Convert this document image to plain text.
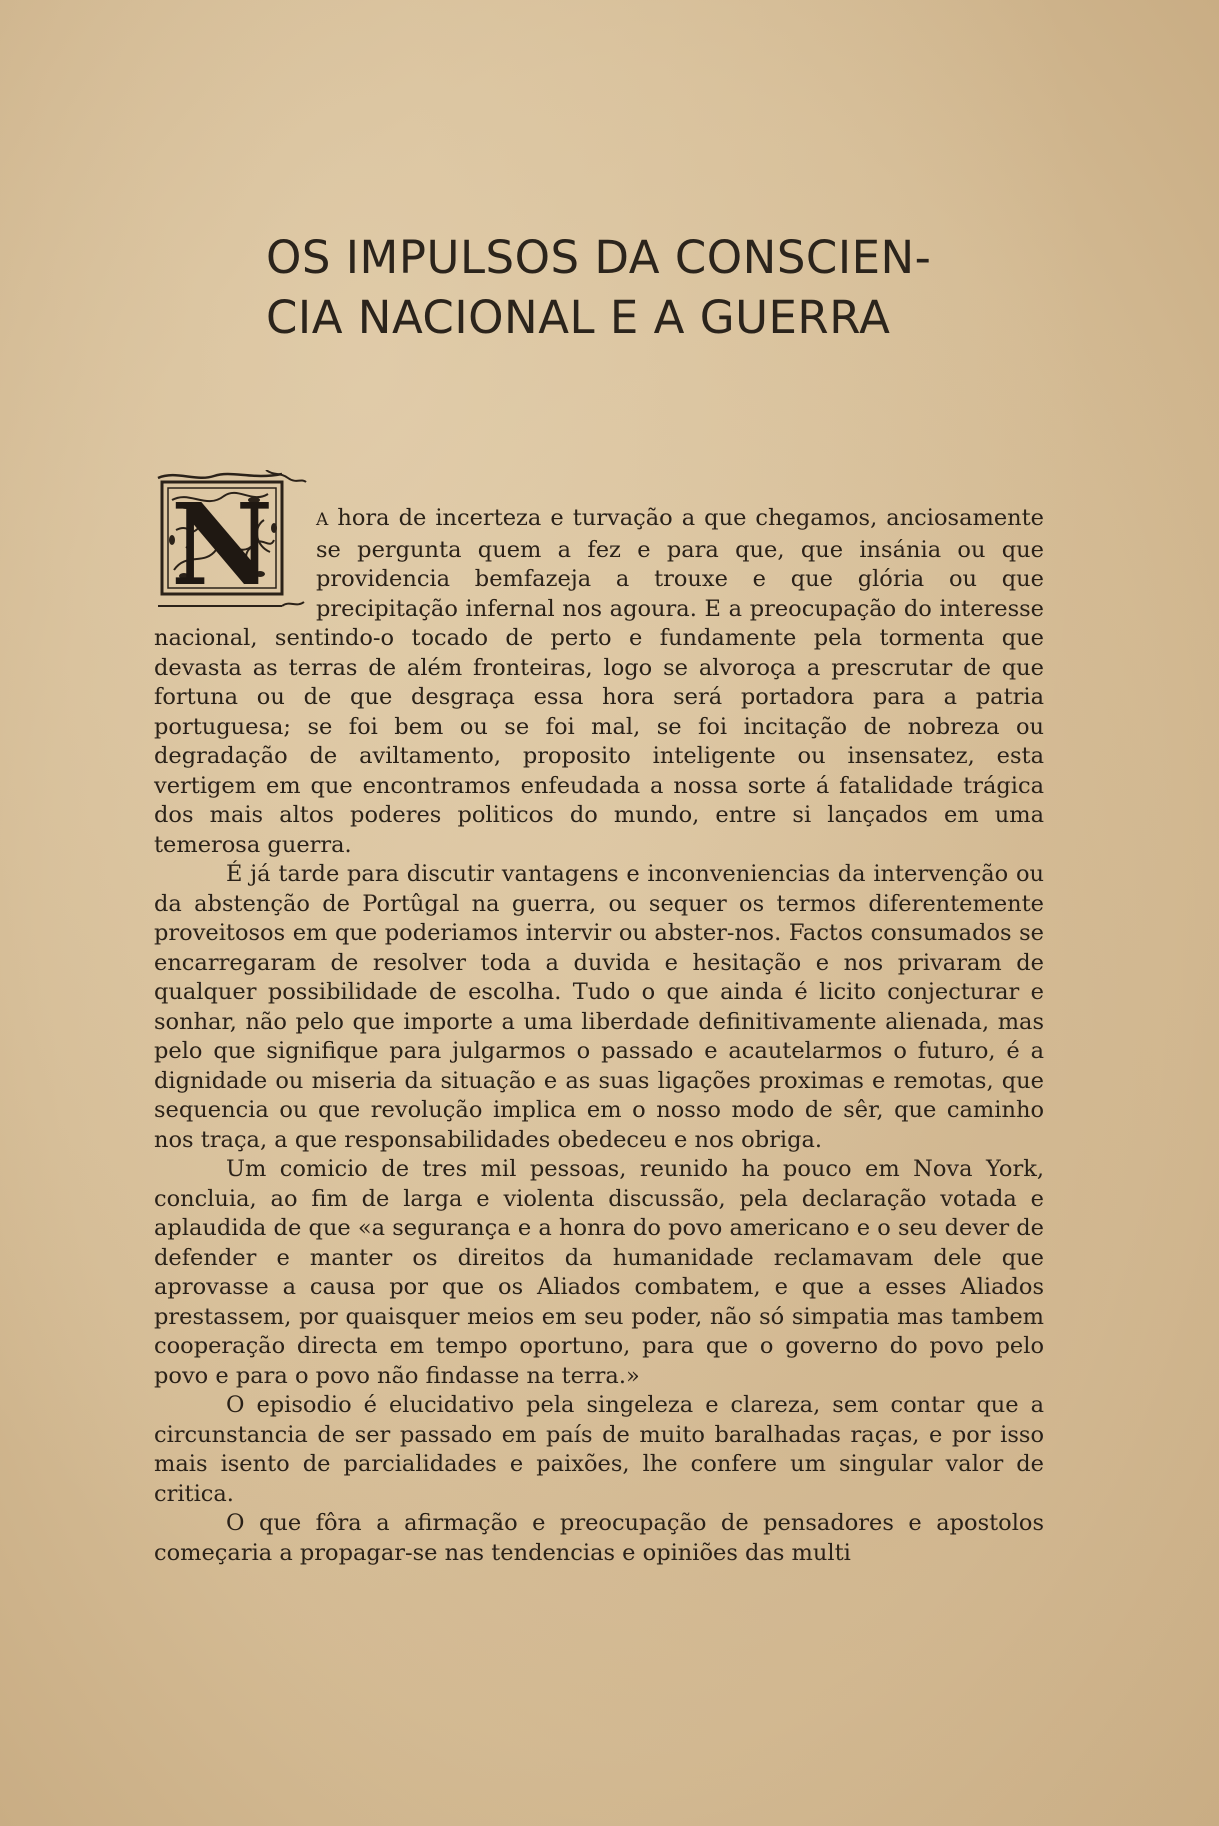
OS IMPULSOS DA CONSCIEN-
CIA NACIONAL E A GUERRA

N	A hora de incerteza e turvação a que chegamos, anciosamente se pergunta quem a fez e para que, que insánia ou que providencia bemfazeja a trouxe e que glória ou que precipitação infernal nos agoura. E a preocupação do interesse nacional, sentindo-o tocado de perto e fundamente pela tormenta que devasta as terras de além fronteiras, logo se alvoroça a prescrutar de que fortuna ou de que desgraça essa hora será portadora para a patria portuguesa; se foi bem ou se foi mal, se foi incitação de nobreza ou degradação de aviltamento, proposito inteligente ou insensatez, esta vertigem em que encontramos enfeudada a nossa sorte á fatalidade trágica dos mais altos poderes politicos do mundo, entre si lançados em uma temerosa guerra.

É já tarde para discutir vantagens e inconveniencias da intervenção ou da abstenção de Portûgal na guerra, ou sequer os termos diferentemente proveitosos em que poderiamos intervir ou abster-nos. Factos consumados se encarregaram de resolver toda a duvida e hesitação e nos privaram de qualquer possibilidade de escolha. Tudo o que ainda é licito conjecturar e sonhar, não pelo que importe a uma liberdade definitivamente alienada, mas pelo que signifique para julgarmos o passado e acautelarmos o futuro, é a dignidade ou miseria da situação e as suas ligações proximas e remotas, que sequencia ou que revolução implica em o nosso modo de sêr, que caminho nos traça, a que responsabilidades obedeceu e nos obriga.

Um comicio de tres mil pessoas, reunido ha pouco em Nova York, concluia, ao fim de larga e violenta discussão, pela declaração votada e aplaudida de que «a segurança e a honra do povo americano e o seu dever de defender e manter os direitos da humanidade reclamavam dele que aprovasse a causa por que os Aliados combatem, e que a esses Aliados prestassem, por quaisquer meios em seu poder, não só simpatia mas tambem cooperação directa em tempo oportuno, para que o governo do povo pelo povo e para o povo não findasse na terra.»

O episodio é elucidativo pela singeleza e clareza, sem contar que a circunstancia de ser passado em país de muito baralhadas raças, e por isso mais isento de parcialidades e paixões, lhe confere um singular valor de critica.

O que fôra a afirmação e preocupação de pensadores e apostolos começaria a propagar-se nas tendencias e opiniões das multi
